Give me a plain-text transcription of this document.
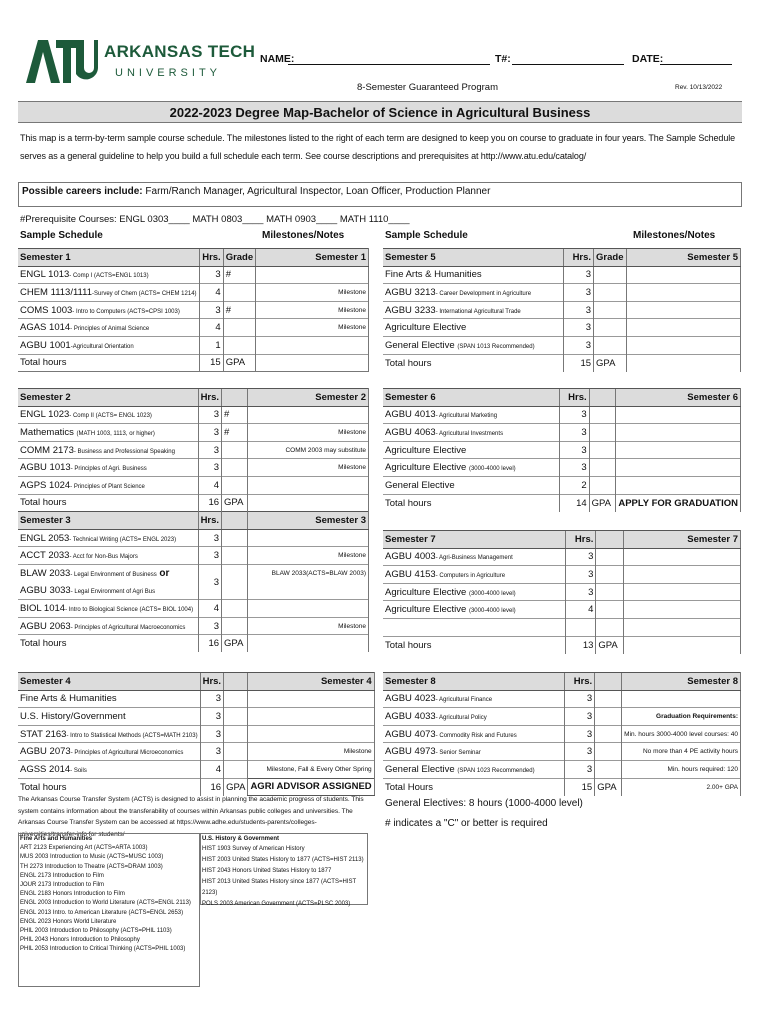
ARKANSAS TECH
UNIVERSITY
NAME:	T#:	DATE:
8-Semester Guaranteed Program	Rev. 10/13/2022
2022-2023 Degree Map-Bachelor of Science in Agricultural Business
This map is a term-by-term sample course schedule. The milestones listed to the right of each term are designed to keep you on course to graduate in four years. The Sample Schedule serves as a general guideline to help you build a full schedule each term. See course descriptions and prerequisites at http://www.atu.edu/catalog/
Possible careers include: Farm/Ranch Manager, Agricultural Inspector, Loan Officer, Production Planner
#Prerequisite Courses: ENGL 0303____ MATH 0803____ MATH 0903____ MATH 1110____
Sample Schedule	Milestones/Notes	Sample Schedule	Milestones/Notes
Semester 1	Hrs.	Grade	Semester 1
ENGL 1013- Comp I (ACTS=ENGL 1013)	3	#	
CHEM 1113/1111-Survey of Chem (ACTS= CHEM 1214)	4		Milestone
COMS 1003- Intro to Computers (ACTS=CPSI 1003)	3	#	Milestone
AGAS 1014- Principles of Animal Science	4		Milestone
AGBU 1001-Agricultural Orientation	1		
Total hours	15	GPA	
Semester 2	Hrs.		Semester 2
ENGL 1023- Comp II (ACTS= ENGL 1023)	3	#	
Mathematics (MATH 1003, 1113, or higher)	3	#	Milestone
COMM 2173- Business and Professional Speaking	3		COMM 2003 may substitute
AGBU 1013- Principles of Agri. Business	3		Milestone
AGPS 1024- Principles of Plant Science	4		
Total hours	16	GPA	
Semester 3	Hrs.		Semester 3
ENGL 2053- Technical Writing (ACTS= ENGL 2023)	3		
ACCT 2033- Acct for Non-Bus Majors	3		Milestone
BLAW 2033- Legal Environment of Business or	3		BLAW 2033(ACTS=BLAW 2003)
AGBU 3033- Legal Environment of Agri Bus			
BIOL 1014- Intro to Biological Science (ACTS= BIOL 1004)	4		
AGBU 2063- Principles of Agricultural Macroeconomics	3		Milestone
Total hours	16	GPA	
Semester 4	Hrs.		Semester 4
Fine Arts & Humanities	3		
U.S. History/Government	3		
STAT 2163- Intro to Statistical Methods (ACTS=MATH 2103)	3		
AGBU 2073- Principles of Agricultural Microeconomics	3		Milestone
AGSS 2014- Soils	4		Milestone, Fall & Every Other Spring
Total hours	16	GPA	AGRI ADVISOR ASSIGNED
Semester 5	Hrs.	Grade	Semester 5
Fine Arts & Humanities	3		
AGBU 3213- Career Development in Agriculture	3		
AGBU 3233- International Agricultural Trade	3		
Agriculture Elective	3		
General Elective (SPAN 1013 Recommended)	3		
Total hours	15	GPA	
Semester 6	Hrs.		Semester 6
AGBU 4013- Agricultural Marketing	3		
AGBU 4063- Agricultural Investments	3		
Agriculture Elective	3		
Agriculture Elective (3000-4000 level)	3		
General Elective	2		
Total hours	14	GPA	APPLY FOR GRADUATION
Semester 7	Hrs.		Semester 7
AGBU 4003- Agri-Business Management	3		
AGBU 4153- Computers in Agriculture	3		
Agriculture Elective (3000-4000 level)	3		
Agriculture Elective (3000-4000 level)	4		

Total hours	13	GPA	
Semester 8	Hrs.		Semester 8
AGBU 4023- Agricultural Finance	3		
AGBU 4033- Agricultural Policy	3		Graduation Requirements:
AGBU 4073- Commodity Risk and Futures	3		Min. hours 3000-4000 level courses: 40
AGBU 4973- Senior Seminar	3		No more than 4 PE activity hours
General Elective (SPAN 1023 Recommended)	3		Min. hours required: 120
Total Hours	15	GPA	2.00+ GPA
The Arkansas Course Transfer System (ACTS) is designed to assist in planning the academic progress of students. This system contains information about the transferability of courses within Arkansas public colleges and universities. The Arkansas Course Transfer System can be accessed at https://www.adhe.edu/students-parents/colleges-universities/transfer-info for students/
General Electives: 8 hours (1000-4000 level)
# indicates a "C" or better is required
Fine Arts and Humanities
ART 2123 Experiencing Art (ACTS=ARTA 1003)
MUS 2003 Introduction to Music (ACTS=MUSC 1003)
TH 2273 Introduction to Theatre (ACTS=DRAM 1003)
ENGL 2173 Introduction to Film
JOUR 2173 Introduction to Film
ENGL 2183 Honors Introduction to Film
ENGL 2003 Introduction to World Literature (ACTS=ENGL 2113)
ENGL 2013 Intro. to American Literature (ACTS=ENGL 2653)
ENGL 2023 Honors World Literature
PHIL 2003 Introduction to Philosophy (ACTS=PHIL 1103)
PHIL 2043 Honors Introduction to Philosophy
PHIL 2053 Introduction to Critical Thinking (ACTS=PHIL 1003)
U.S. History & Government
HIST 1903 Survey of American History
HIST 2003 United States History to 1877 (ACTS=HIST 2113)
HIST 2043 Honors United States History to 1877
HIST 2013 United States History since 1877 (ACTS=HIST 2123)
POLS 2003 American Government (ACTS=PLSC 2003)
